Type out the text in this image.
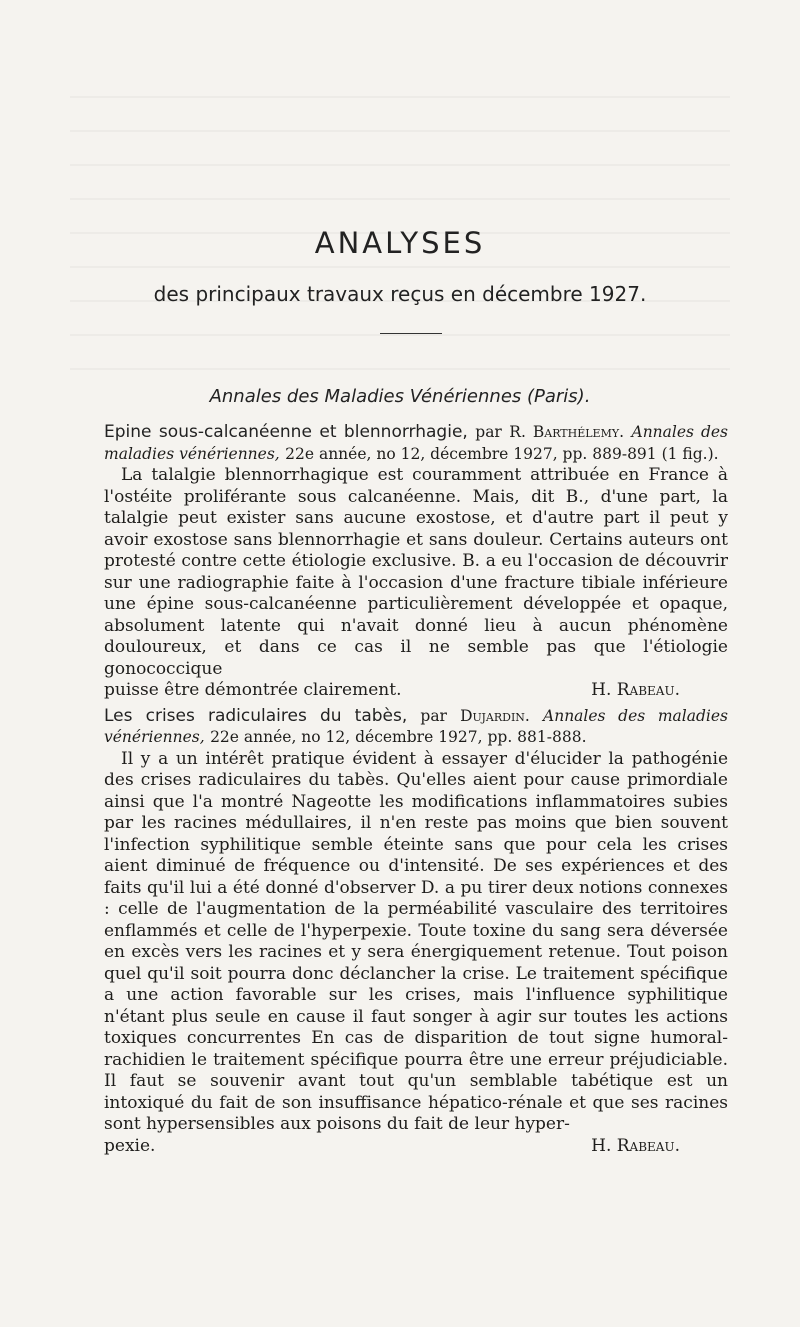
ANALYSES
des principaux travaux reçus en décembre 1927.
Annales des Maladies Vénériennes (Paris).

Epine sous-calcanéenne et blennorrhagie, par R. Barthélemy. Annales des maladies vénériennes, 22e année, no 12, décembre 1927, pp. 889-891 (1 fig.).

La talalgie blennorrhagique est couramment attribuée en France à l'ostéite proliférante sous calcanéenne. Mais, dit B., d'une part, la talalgie peut exister sans aucune exostose, et d'autre part il peut y avoir exostose sans blennorrhagie et sans douleur. Certains auteurs ont protesté contre cette étiologie exclusive. B. a eu l'occasion de découvrir sur une radiographie faite à l'occasion d'une fracture tibiale inférieure une épine sous-calcanéenne particulièrement développée et opaque, absolument latente qui n'avait donné lieu à aucun phénomène douloureux, et dans ce cas il ne semble pas que l'étiologie gonococcique

puisse être démontrée clairement.	H. Rabeau.

Les crises radiculaires du tabès, par Dujardin. Annales des maladies vénériennes, 22e année, no 12, décembre 1927, pp. 881-888.

Il y a un intérêt pratique évident à essayer d'élucider la pathogénie des crises radiculaires du tabès. Qu'elles aient pour cause primordiale ainsi que l'a montré Nageotte les modifications inflammatoires subies par les racines médullaires, il n'en reste pas moins que bien souvent l'infection syphilitique semble éteinte sans que pour cela les crises aient diminué de fréquence ou d'intensité. De ses expériences et des faits qu'il lui a été donné d'observer D. a pu tirer deux notions connexes : celle de l'augmentation de la perméabilité vasculaire des territoires enflammés et celle de l'hyperpexie. Toute toxine du sang sera déversée en excès vers les racines et y sera énergiquement retenue. Tout poison quel qu'il soit pourra donc déclancher la crise. Le traitement spécifique a une action favorable sur les crises, mais l'influence syphilitique n'étant plus seule en cause il faut songer à agir sur toutes les actions toxiques concurrentes En cas de disparition de tout signe humoral-rachidien le traitement spécifique pourra être une erreur préjudiciable. Il faut se souvenir avant tout qu'un semblable tabétique est un intoxiqué du fait de son insuffisance hépatico-rénale et que ses racines sont hypersensibles aux poisons du fait de leur hyper-

pexie.	H. Rabeau.
